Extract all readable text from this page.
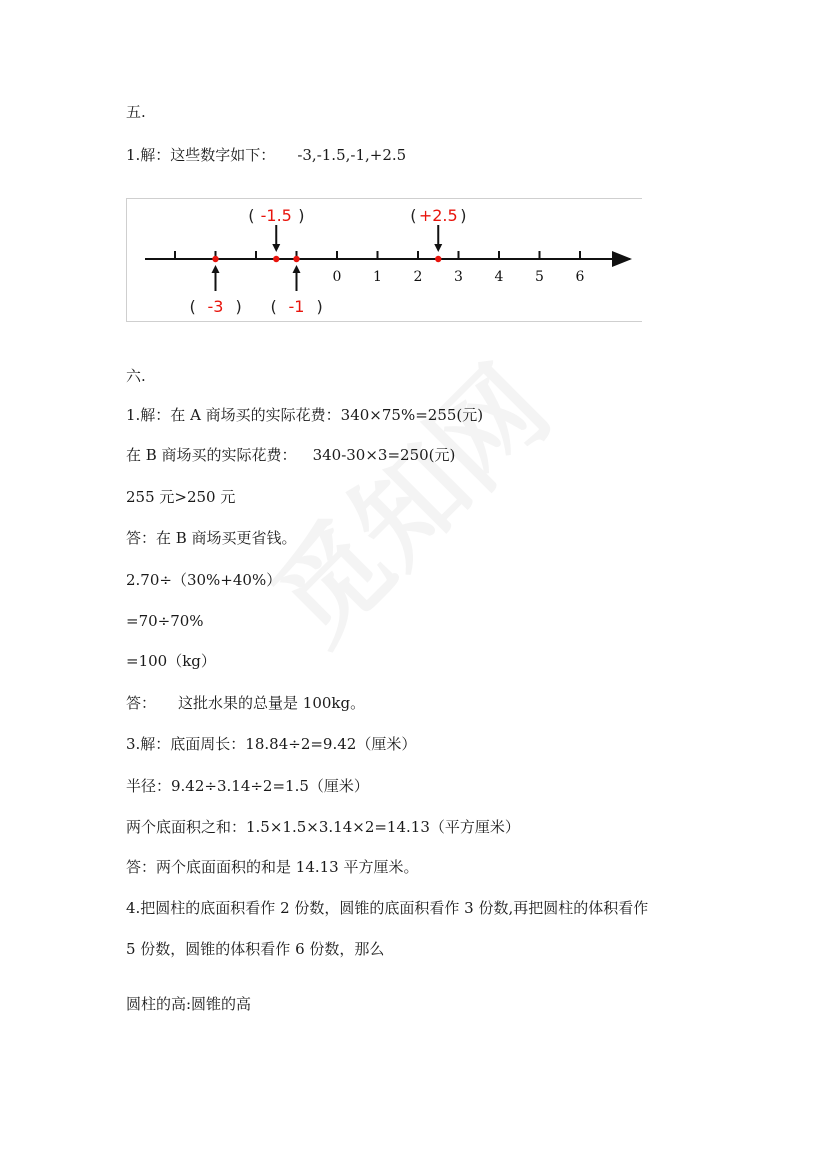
五.
1.解：这些数字如下： -3,-1.5,-1,+2.5
0 1 2 3 4 5 6
( -3 )
( -1.5 )
( -1 )
( +2.5 )
六.
1.解：在 A 商场买的实际花费：340×75%=255(元)
在 B 商场买的实际花费： 340-30×3=250(元)
255 元>250 元
答：在 B 商场买更省钱。
2.70÷（30%+40%）
=70÷70%
=100（kg）
答： 这批水果的总量是 100kg。
3.解：底面周长：18.84÷2=9.42（厘米）
半径：9.42÷3.14÷2=1.5（厘米）
两个底面积之和：1.5×1.5×3.14×2=14.13（平方厘米）
答：两个底面面积的和是 14.13 平方厘米。
4.把圆柱的底面积看作 2 份数，圆锥的底面积看作 3 份数,再把圆柱的体积看作
5 份数，圆锥的体积看作 6 份数，那么
圆柱的高:圆锥的高
